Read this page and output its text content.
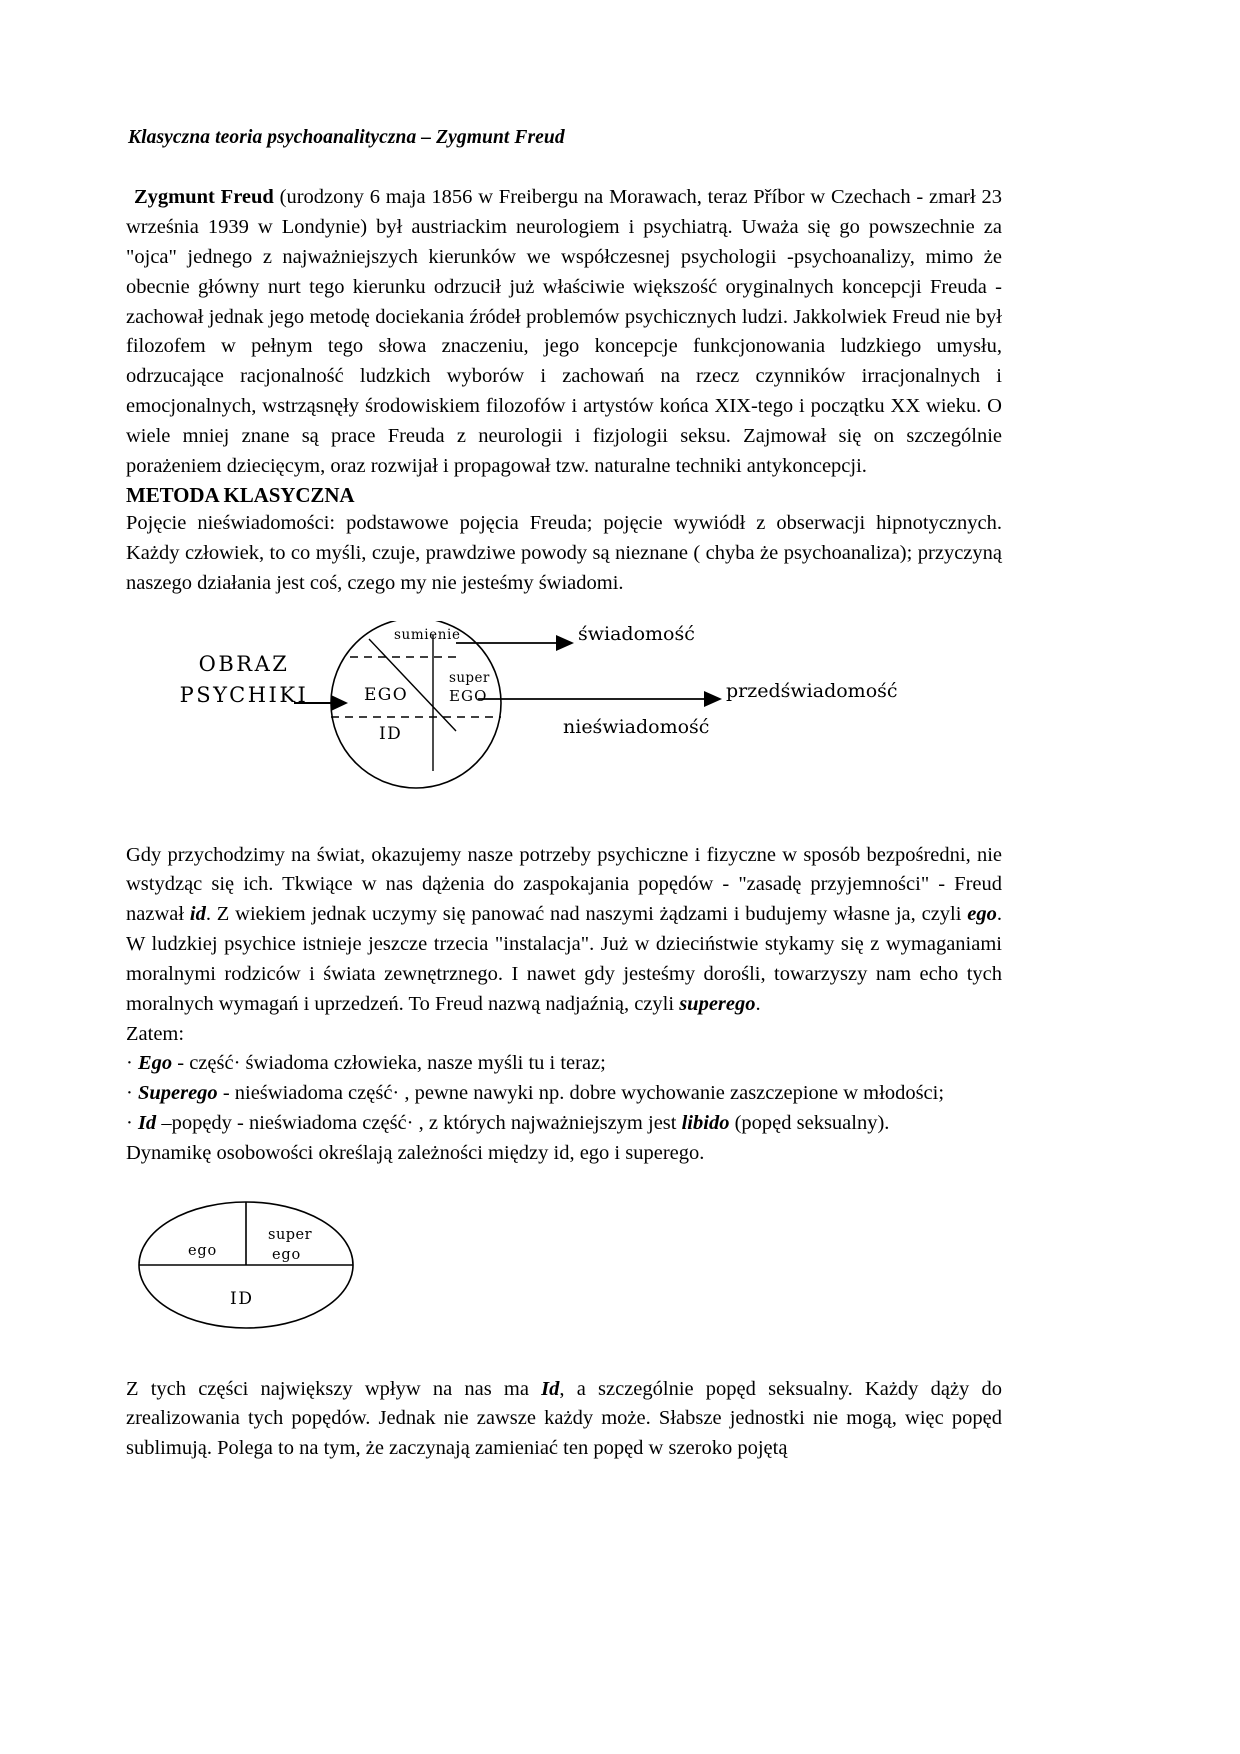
Klasyczna teoria psychoanalityczna – Zygmunt Freud

Zygmunt Freud (urodzony 6 maja 1856 w Freibergu na Morawach, teraz Příbor w Czechach - zmarł 23 września 1939 w Londynie) był austriackim neurologiem i psychiatrą. Uważa się go powszechnie za "ojca" jednego z najważniejszych kierunków we współczesnej psychologii -psychoanalizy, mimo że obecnie główny nurt tego kierunku odrzucił już właściwie większość oryginalnych koncepcji Freuda - zachował jednak jego metodę dociekania źródeł problemów psychicznych ludzi. Jakkolwiek Freud nie był filozofem w pełnym tego słowa znaczeniu, jego koncepcje funkcjonowania ludzkiego umysłu, odrzucające racjonalność ludzkich wyborów i zachowań na rzecz czynników irracjonalnych i emocjonalnych, wstrząsnęły środowiskiem filozofów i artystów końca XIX-tego i początku XX wieku. O wiele mniej znane są prace Freuda z neurologii i fizjologii seksu. Zajmował się on szczególnie porażeniem dziecięcym, oraz rozwijał i propagował tzw. naturalne techniki antykoncepcji.

METODA KLASYCZNA

Pojęcie nieświadomości: podstawowe pojęcia Freuda; pojęcie wywiódł z obserwacji hipnotycznych. Każdy człowiek, to co myśli, czuje, prawdziwe powody są nieznane ( chyba że psychoanaliza); przyczyną naszego działania jest coś, czego my nie jesteśmy świadomi.

OBRAZ
PSYCHIKI
sumienie
EGO
super
EGO
ID
świadomość
przedświadomość
nieświadomość

Gdy przychodzimy na świat, okazujemy nasze potrzeby psychiczne i fizyczne w sposób bezpośredni, nie wstydząc się ich. Tkwiące w nas dążenia do zaspokajania popędów - "zasadę przyjemności" - Freud nazwał id. Z wiekiem jednak uczymy się panować nad naszymi żądzami i budujemy własne ja, czyli ego. W ludzkiej psychice istnieje jeszcze trzecia "instalacja". Już w dzieciństwie stykamy się z wymaganiami moralnymi rodziców i świata zewnętrznego. I nawet gdy jesteśmy dorośli, towarzyszy nam echo tych moralnych wymagań i uprzedzeń. To Freud nazwą nadjaźnią, czyli superego.

Zatem:

· Ego - część· świadoma człowieka, nasze myśli tu i teraz;

· Superego - nieświadoma część· , pewne nawyki np. dobre wychowanie zaszczepione w młodości;

· Id –popędy - nieświadoma część· , z których najważniejszym jest libido (popęd seksualny).

Dynamikę osobowości określają zależności między id, ego i superego.

ego
super
ego
ID

Z tych części największy wpływ na nas ma Id, a szczególnie popęd seksualny. Każdy dąży do zrealizowania tych popędów. Jednak nie zawsze każdy może. Słabsze jednostki nie mogą, więc popęd sublimują. Polega to na tym, że zaczynają zamieniać ten popęd w szeroko pojętą
